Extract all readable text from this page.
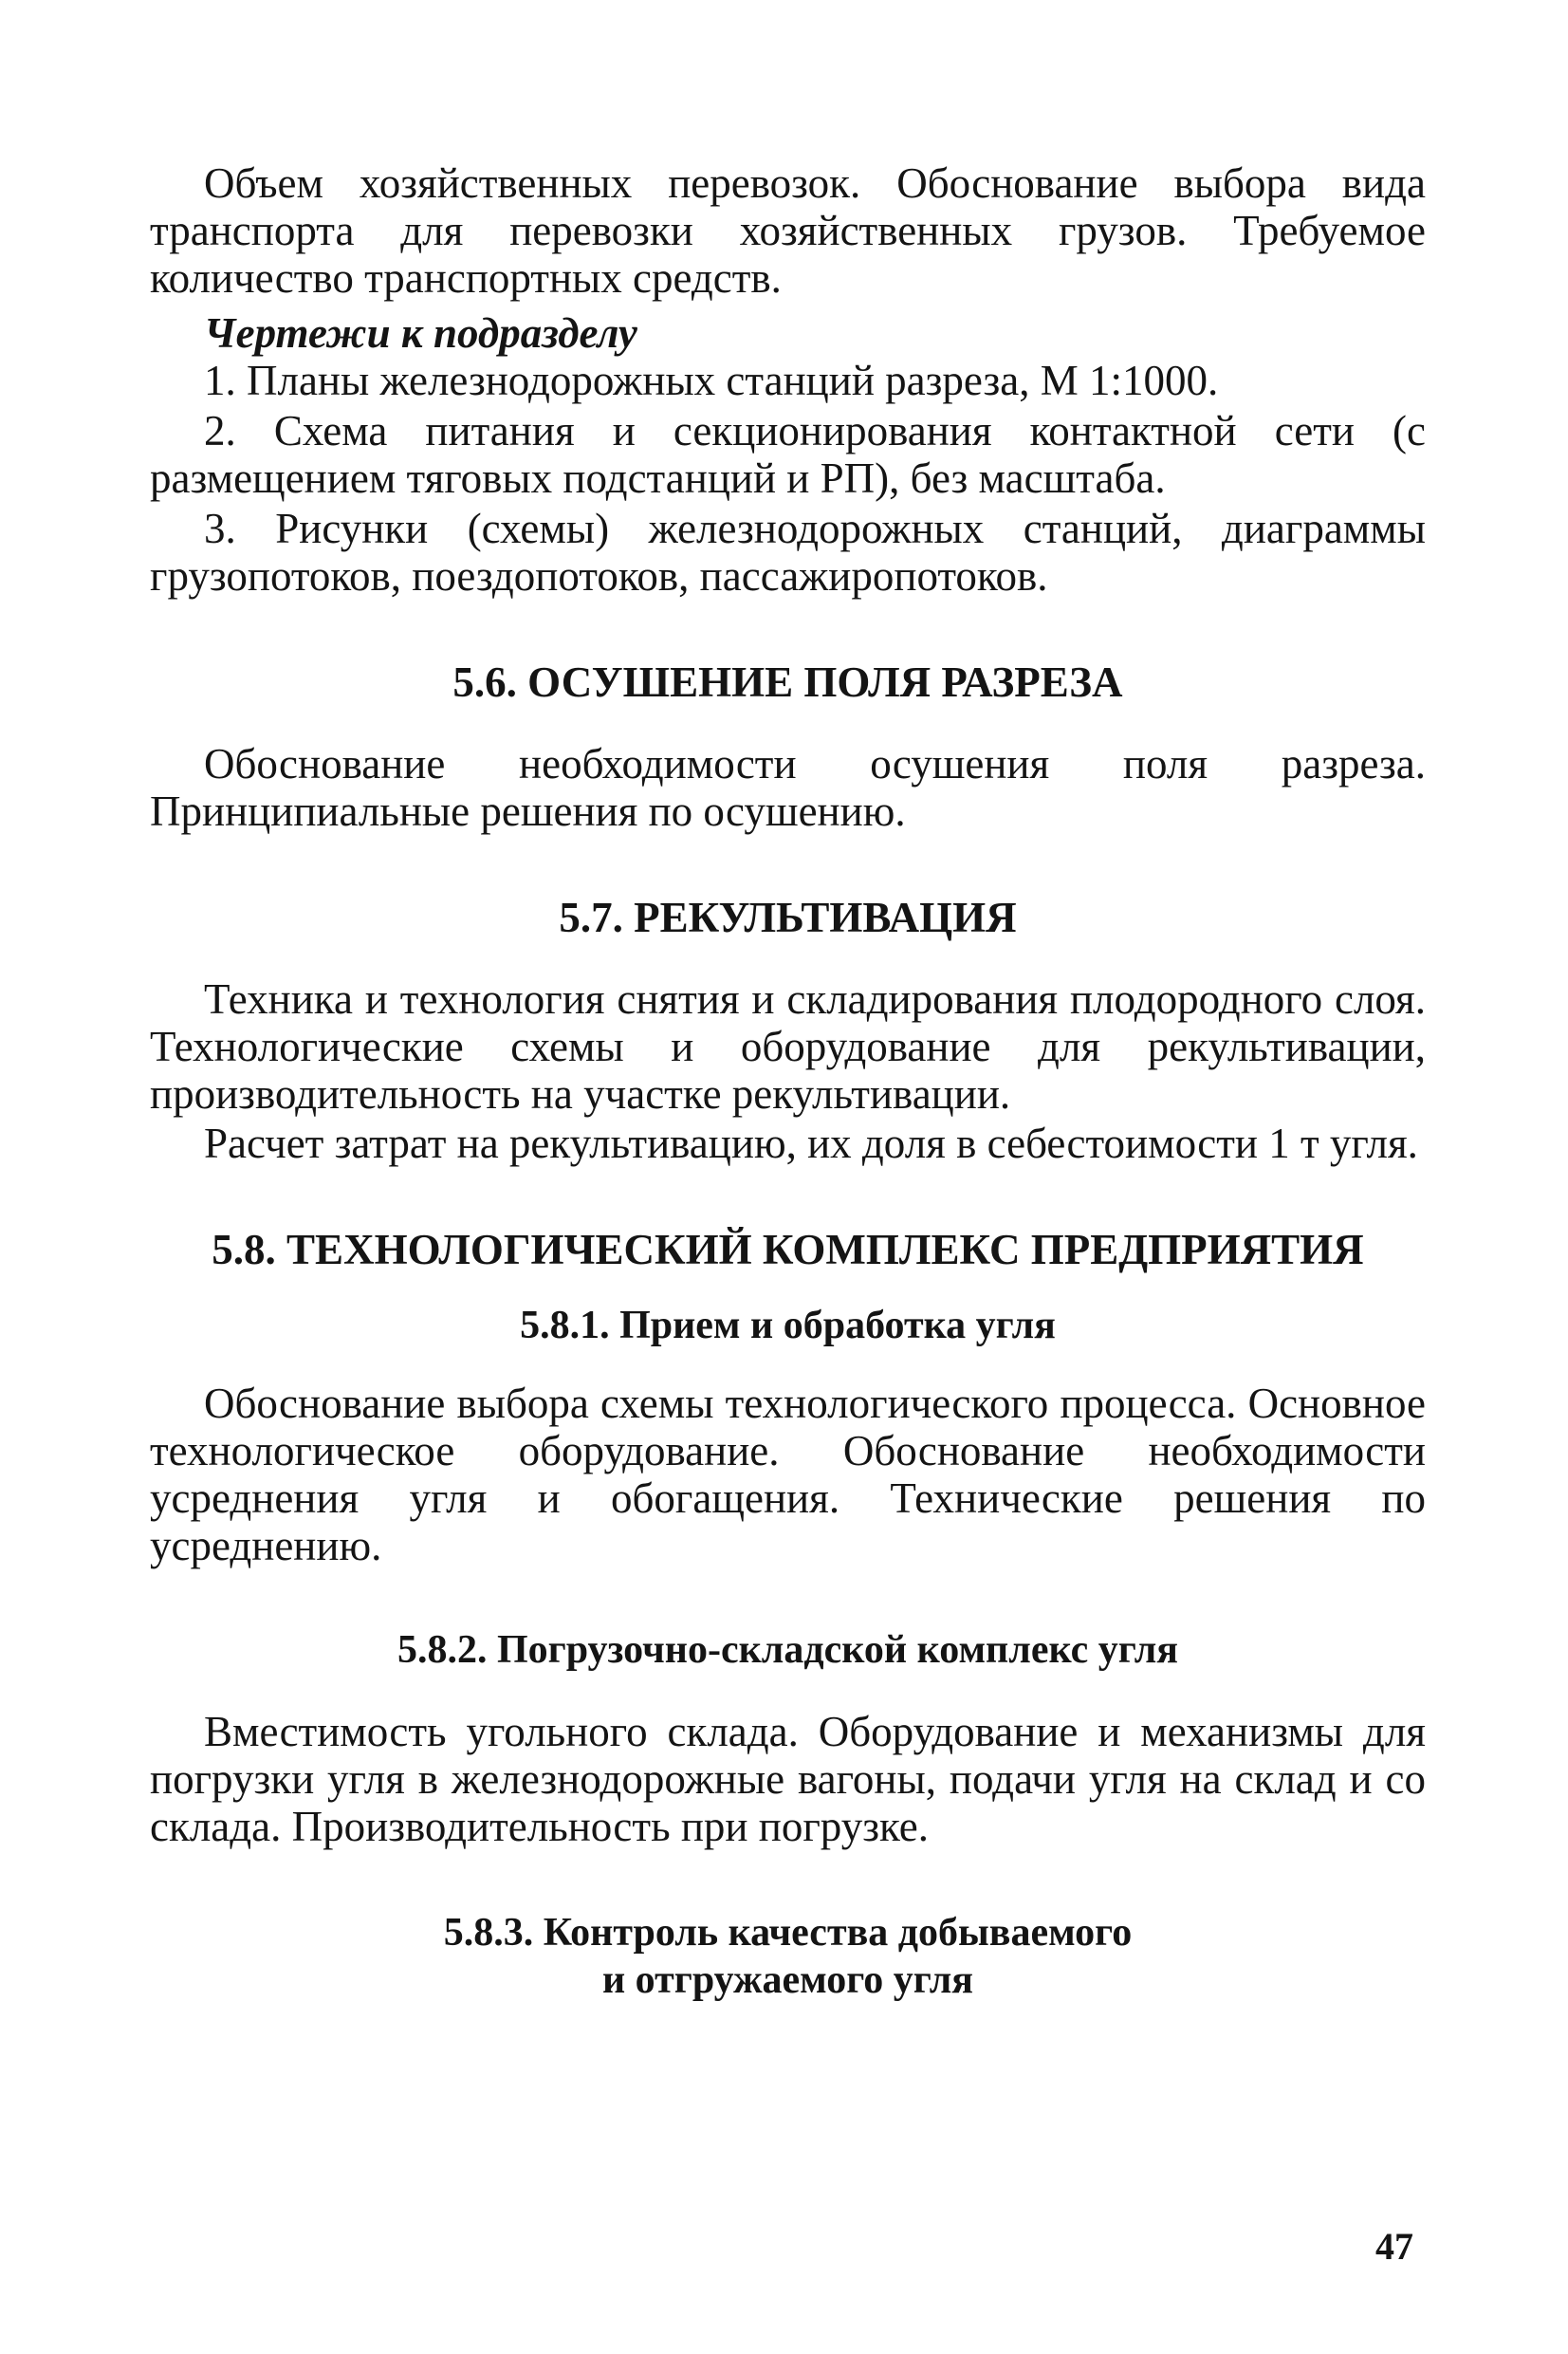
Объем хозяйственных перевозок. Обоснование выбора вида транспорта для перевозки хозяйственных грузов. Требуемое количество транспортных средств.

Чертежи к подразделу

1. Планы железнодорожных станций разреза, М 1:1000.

2. Схема питания и секционирования контактной сети (с размещением тяговых подстанций и РП), без масштаба.

3. Рисунки (схемы) железнодорожных станций, диаграммы грузопотоков, поездопотоков, пассажиропотоков.

5.6. ОСУШЕНИЕ ПОЛЯ РАЗРЕЗА

Обоснование необходимости осушения поля разреза. Принципиальные решения по осушению.

5.7. РЕКУЛЬТИВАЦИЯ

Техника и технология снятия и складирования плодородного слоя. Технологические схемы и оборудование для рекультивации, производительность на участке рекультивации.

Расчет затрат на рекультивацию, их доля в себестоимости 1 т угля.

5.8. ТЕХНОЛОГИЧЕСКИЙ КОМПЛЕКС ПРЕДПРИЯТИЯ
5.8.1. Прием и обработка угля

Обоснование выбора схемы технологического процесса. Основное технологическое оборудование. Обоснование необходимости усреднения угля и обогащения. Технические решения по усреднению.

5.8.2. Погрузочно-складской комплекс угля

Вместимость угольного склада. Оборудование и механизмы для погрузки угля в железнодорожные вагоны, подачи угля на склад и со склада. Производительность при погрузке.

5.8.3. Контроль качества добываемого
и отгружаемого угля
47
